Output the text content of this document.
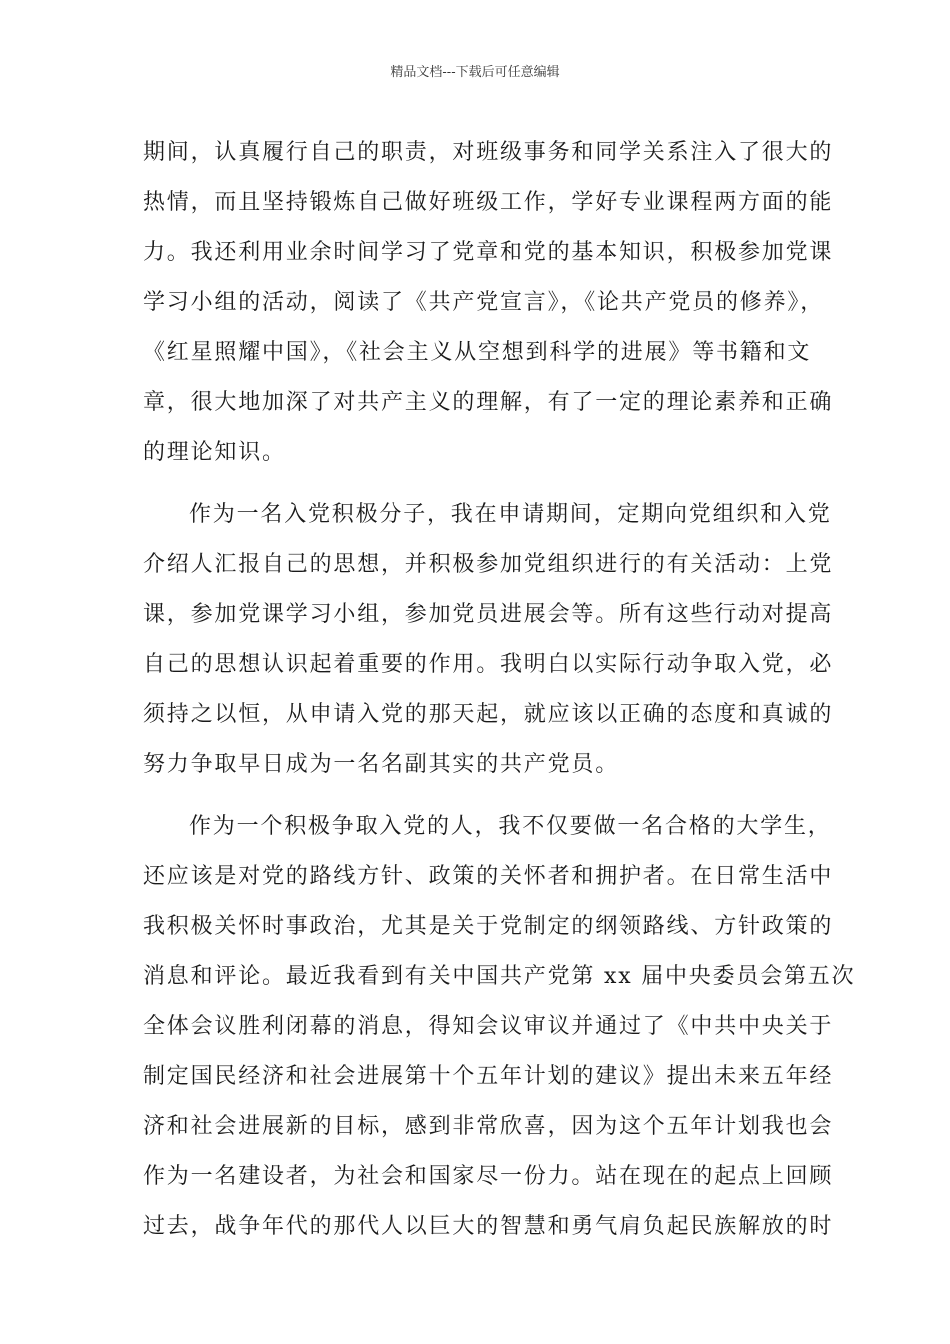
精品文档---下载后可任意编辑
期间，认真履行自己的职责，对班级事务和同学关系注入了很大的
热情，而且坚持锻炼自己做好班级工作，学好专业课程两方面的能
力。我还利用业余时间学习了党章和党的基本知识，积极参加党课
学习小组的活动，阅读了《共产党宣言》，《论共产党员的修养》，
《红星照耀中国》，《社会主义从空想到科学的进展》等书籍和文
章，很大地加深了对共产主义的理解，有了一定的理论素养和正确
的理论知识。
作为一名入党积极分子，我在申请期间，定期向党组织和入党
介绍人汇报自己的思想，并积极参加党组织进行的有关活动：上党
课，参加党课学习小组，参加党员进展会等。所有这些行动对提高
自己的思想认识起着重要的作用。我明白以实际行动争取入党，必
须持之以恒，从申请入党的那天起，就应该以正确的态度和真诚的
努力争取早日成为一名名副其实的共产党员。
作为一个积极争取入党的人，我不仅要做一名合格的大学生，
还应该是对党的路线方针、政策的关怀者和拥护者。在日常生活中
我积极关怀时事政治，尤其是关于党制定的纲领路线、方针政策的
消息和评论。最近我看到有关中国共产党第 xx 届中央委员会第五次
全体会议胜利闭幕的消息，得知会议审议并通过了《中共中央关于
制定国民经济和社会进展第十个五年计划的建议》提出未来五年经
济和社会进展新的目标，感到非常欣喜，因为这个五年计划我也会
作为一名建设者，为社会和国家尽一份力。站在现在的起点上回顾
过去，战争年代的那代人以巨大的智慧和勇气肩负起民族解放的时
